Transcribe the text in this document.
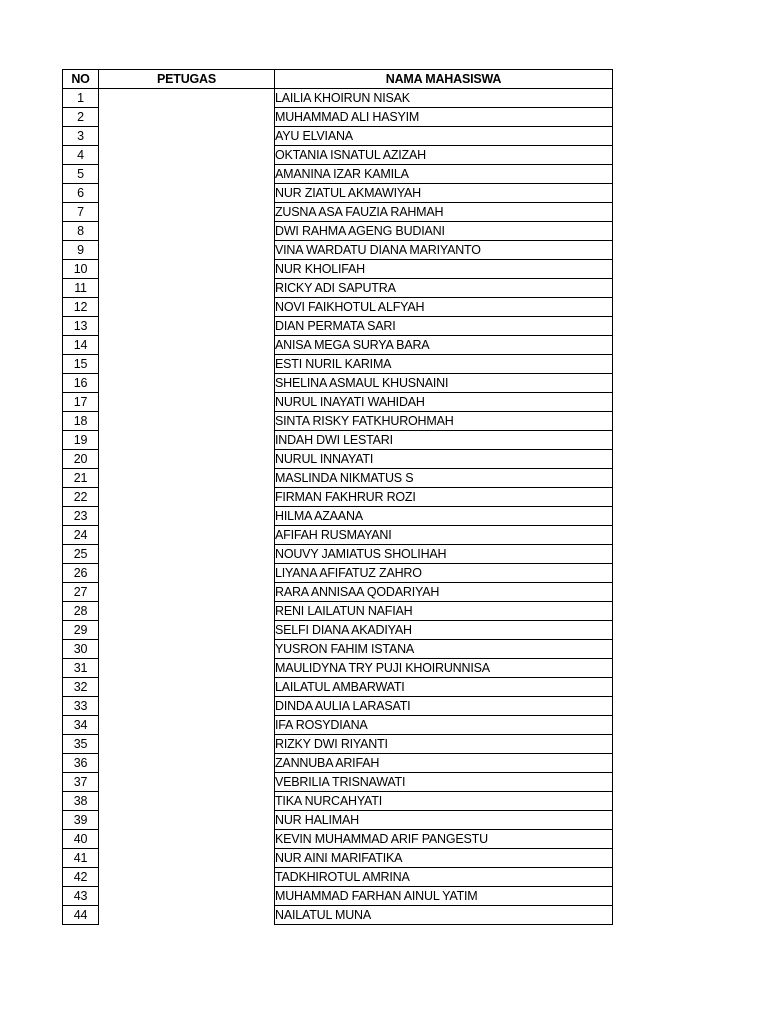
NO	PETUGAS	NAMA MAHASISWA
1		LAILIA KHOIRUN NISAK
2		MUHAMMAD ALI HASYIM
3		AYU ELVIANA
4		OKTANIA ISNATUL AZIZAH
5		AMANINA IZAR KAMILA
6		NUR ZIATUL AKMAWIYAH
7		ZUSNA ASA FAUZIA RAHMAH
8		DWI RAHMA AGENG BUDIANI
9		VINA WARDATU DIANA MARIYANTO
10		NUR KHOLIFAH
11		RICKY ADI SAPUTRA
12		NOVI FAIKHOTUL ALFYAH
13		DIAN PERMATA SARI
14		ANISA MEGA SURYA BARA
15		ESTI NURIL KARIMA
16		SHELINA ASMAUL KHUSNAINI
17		NURUL INAYATI WAHIDAH
18		SINTA RISKY FATKHUROHMAH
19		INDAH DWI LESTARI
20		NURUL INNAYATI
21		MASLINDA NIKMATUS S
22		FIRMAN FAKHRUR ROZI
23		HILMA AZAANA
24		AFIFAH RUSMAYANI
25		NOUVY JAMIATUS SHOLIHAH
26		LIYANA AFIFATUZ ZAHRO
27		RARA ANNISAA QODARIYAH
28		RENI LAILATUN NAFIAH
29		SELFI DIANA AKADIYAH
30		YUSRON FAHIM ISTANA
31		MAULIDYNA TRY PUJI KHOIRUNNISA
32		LAILATUL AMBARWATI
33		DINDA AULIA LARASATI
34		IFA ROSYDIANA
35		RIZKY DWI RIYANTI
36		ZANNUBA ARIFAH
37		VEBRILIA TRISNAWATI
38		TIKA NURCAHYATI
39		NUR HALIMAH
40		KEVIN MUHAMMAD ARIF PANGESTU
41		NUR AINI MARIFATIKA
42		TADKHIROTUL AMRINA
43		MUHAMMAD FARHAN AINUL YATIM
44		NAILATUL MUNA
